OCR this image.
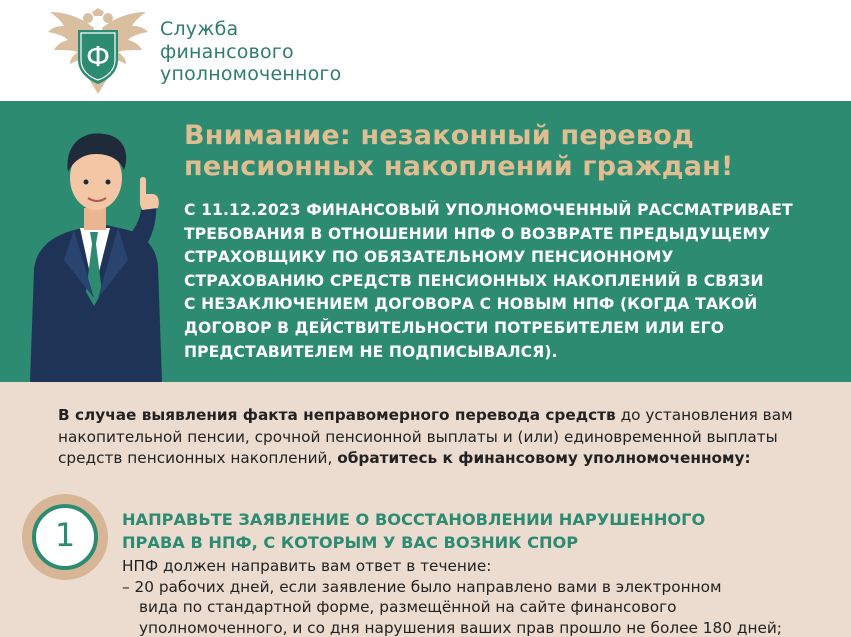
Ф
Служба
финансового
уполномоченного
Внимание: незаконный перевод
пенсионных накоплений граждан!
С 11.12.2023 ФИНАНСОВЫЙ УПОЛНОМОЧЕННЫЙ РАССМАТРИВАЕТ
ТРЕБОВАНИЯ В ОТНОШЕНИИ НПФ О ВОЗВРАТЕ ПРЕДЫДУЩЕМУ
СТРАХОВЩИКУ ПО ОБЯЗАТЕЛЬНОМУ ПЕНСИОННОМУ
СТРАХОВАНИЮ СРЕДСТВ ПЕНСИОННЫХ НАКОПЛЕНИЙ В СВЯЗИ
С НЕЗАКЛЮЧЕНИЕМ ДОГОВОРА С НОВЫМ НПФ (КОГДА ТАКОЙ
ДОГОВОР В ДЕЙСТВИТЕЛЬНОСТИ ПОТРЕБИТЕЛЕМ ИЛИ ЕГО
ПРЕДСТАВИТЕЛЕМ НЕ ПОДПИСЫВАЛСЯ).
В случае выявления факта неправомерного перевода средств до установления вам
накопительной пенсии, срочной пенсионной выплаты и (или) единовременной выплаты
средств пенсионных накоплений, обратитесь к финансовому уполномоченному:
1	НАПРАВЬТЕ ЗАЯВЛЕНИЕ О ВОССТАНОВЛЕНИИ НАРУШЕННОГО
ПРАВА В НПФ, С КОТОРЫМ У ВАС ВОЗНИК СПОР
НПФ должен направить вам ответ в течение:
– 20 рабочих дней, если заявление было направлено вами в электронном
вида по стандартной форме, размещённой на сайте финансового
уполномоченного, и со дня нарушения ваших прав прошло не более 180 дней;
